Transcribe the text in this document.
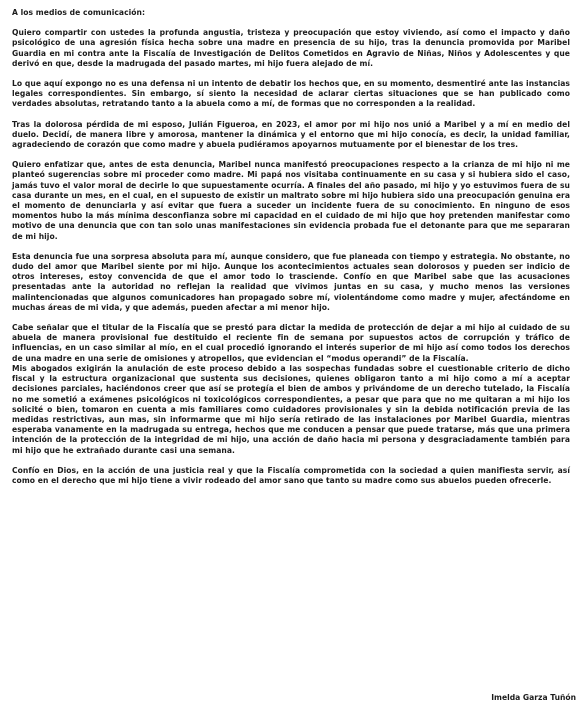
A los medios de comunicación:

Quiero compartir con ustedes la profunda angustia, tristeza y preocupación que estoy viviendo, así como el impacto y daño psicológico de una agresión física hecha sobre una madre en presencia de su hijo, tras la denuncia promovida por Maribel Guardia en mi contra ante la Fiscalía de Investigación de Delitos Cometidos en Agravio de Niñas, Niños y Adolescentes y que derivó en que, desde la madrugada del pasado martes, mi hijo fuera alejado de mí.

Lo que aquí expongo no es una defensa ni un intento de debatir los hechos que, en su momento, desmentiré ante las instancias legales correspondientes. Sin embargo, sí siento la necesidad de aclarar ciertas situaciones que se han publicado como verdades absolutas, retratando tanto a la abuela como a mí, de formas que no corresponden a la realidad.

Tras la dolorosa pérdida de mi esposo, Julián Figueroa, en 2023, el amor por mi hijo nos unió a Maribel y a mí en medio del duelo. Decidí, de manera libre y amorosa, mantener la dinámica y el entorno que mi hijo conocía, es decir, la unidad familiar, agradeciendo de corazón que como madre y abuela pudiéramos apoyarnos mutuamente por el bienestar de los tres.

Quiero enfatizar que, antes de esta denuncia, Maribel nunca manifestó preocupaciones respecto a la crianza de mi hijo ni me planteó sugerencias sobre mi proceder como madre. Mi papá nos visitaba continuamente en su casa y si hubiera sido el caso, jamás tuvo el valor moral de decirle lo que supuestamente ocurría. A finales del año pasado, mi hijo y yo estuvimos fuera de su casa durante un mes, en el cual, en el supuesto de existir un maltrato sobre mi hijo hubiera sido una preocupación genuina era el momento de denunciarla y así evitar que fuera a suceder un incidente fuera de su conocimiento. En ninguno de esos momentos hubo la más mínima desconfianza sobre mi capacidad en el cuidado de mi hijo que hoy pretenden manifestar como motivo de una denuncia que con tan solo unas manifestaciones sin evidencia probada fue el detonante para que me separaran de mi hijo.

Esta denuncia fue una sorpresa absoluta para mí, aunque considero, que fue planeada con tiempo y estrategia. No obstante, no dudo del amor que Maribel siente por mi hijo. Aunque los acontecimientos actuales sean dolorosos y pueden ser indicio de otros intereses, estoy convencida de que el amor todo lo trasciende. Confío en que Maribel sabe que las acusaciones presentadas ante la autoridad no reflejan la realidad que vivimos juntas en su casa, y mucho menos las versiones malintencionadas que algunos comunicadores han propagado sobre mí, violentándome como madre y mujer, afectándome en muchas áreas de mi vida, y que además, pueden afectar a mi menor hijo.

Cabe señalar que el titular de la Fiscalía que se prestó para dictar la medida de protección de dejar a mi hijo al cuidado de su abuela de manera provisional fue destituido el reciente fin de semana por supuestos actos de corrupción y tráfico de influencias, en un caso similar al mío, en el cual procedió ignorando el interés superior de mi hijo así como todos los derechos de una madre en una serie de omisiones y atropellos, que evidencian el “modus operandi” de la Fiscalía.

Mis abogados exigirán la anulación de este proceso debido a las sospechas fundadas sobre el cuestionable criterio de dicho fiscal y la estructura organizacional que sustenta sus decisiones, quienes obligaron tanto a mi hijo como a mí a aceptar decisiones parciales, haciéndonos creer que así se protegía el bien de ambos y privándome de un derecho tutelado, la Fiscalía no me sometió a exámenes psicológicos ni toxicológicos correspondientes, a pesar que para que no me quitaran a mi hijo los solicité o bien, tomaron en cuenta a mis familiares como cuidadores provisionales y sin la debida notificación previa de las medidas restrictivas, aun mas, sin informarme que mi hijo sería retirado de las instalaciones por Maribel Guardia, mientras esperaba vanamente en la madrugada su entrega, hechos que me conducen a pensar que puede tratarse, más que una primera intención de la protección de la integridad de mi hijo, una acción de daño hacia mi persona y desgraciadamente también para mi hijo que he extrañado durante casi una semana.

Confío en Dios, en la acción de una justicia real y que la Fiscalía comprometida con la sociedad a quien manifiesta servir, así como en el derecho que mi hijo tiene a vivir rodeado del amor sano que tanto su madre como sus abuelos pueden ofrecerle.

Imelda Garza Tuñón
